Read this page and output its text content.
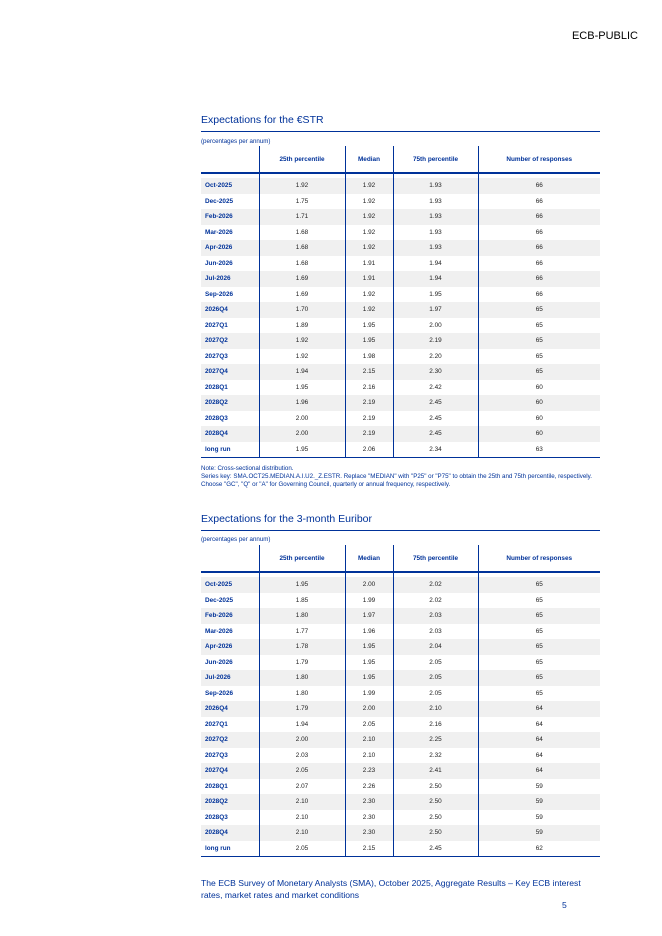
ECB-PUBLIC
Expectations for the €STR
(percentages per annum)
	25th percentile	Median	75th percentile	Number of responses

Oct-2025	1.92	1.92	1.93	66
Dec-2025	1.75	1.92	1.93	66
Feb-2026	1.71	1.92	1.93	66
Mar-2026	1.68	1.92	1.93	66
Apr-2026	1.68	1.92	1.93	66
Jun-2026	1.68	1.91	1.94	66
Jul-2026	1.69	1.91	1.94	66
Sep-2026	1.69	1.92	1.95	66
2026Q4	1.70	1.92	1.97	65
2027Q1	1.89	1.95	2.00	65
2027Q2	1.92	1.95	2.19	65
2027Q3	1.92	1.98	2.20	65
2027Q4	1.94	2.15	2.30	65
2028Q1	1.95	2.16	2.42	60
2028Q2	1.96	2.19	2.45	60
2028Q3	2.00	2.19	2.45	60
2028Q4	2.00	2.19	2.45	60
long run	1.95	2.06	2.34	63

Note: Cross-sectional distribution.

Series key: SMA.OCT25.MEDIAN.A.I.U2._Z.ESTR. Replace "MEDIAN" with "P25" or "P75" to obtain the 25th and 75th percentile, respectively. Choose "GC", "Q" or "A" for Governing Council, quarterly or annual frequency, respectively.

Expectations for the 3-month Euribor
(percentages per annum)
	25th percentile	Median	75th percentile	Number of responses

Oct-2025	1.95	2.00	2.02	65
Dec-2025	1.85	1.99	2.02	65
Feb-2026	1.80	1.97	2.03	65
Mar-2026	1.77	1.96	2.03	65
Apr-2026	1.78	1.95	2.04	65
Jun-2026	1.79	1.95	2.05	65
Jul-2026	1.80	1.95	2.05	65
Sep-2026	1.80	1.99	2.05	65
2026Q4	1.79	2.00	2.10	64
2027Q1	1.94	2.05	2.16	64
2027Q2	2.00	2.10	2.25	64
2027Q3	2.03	2.10	2.32	64
2027Q4	2.05	2.23	2.41	64
2028Q1	2.07	2.26	2.50	59
2028Q2	2.10	2.30	2.50	59
2028Q3	2.10	2.30	2.50	59
2028Q4	2.10	2.30	2.50	59
long run	2.05	2.15	2.45	62
The ECB Survey of Monetary Analysts (SMA), October 2025, Aggregate Results – Key ECB interest rates, market rates and market conditions
5
